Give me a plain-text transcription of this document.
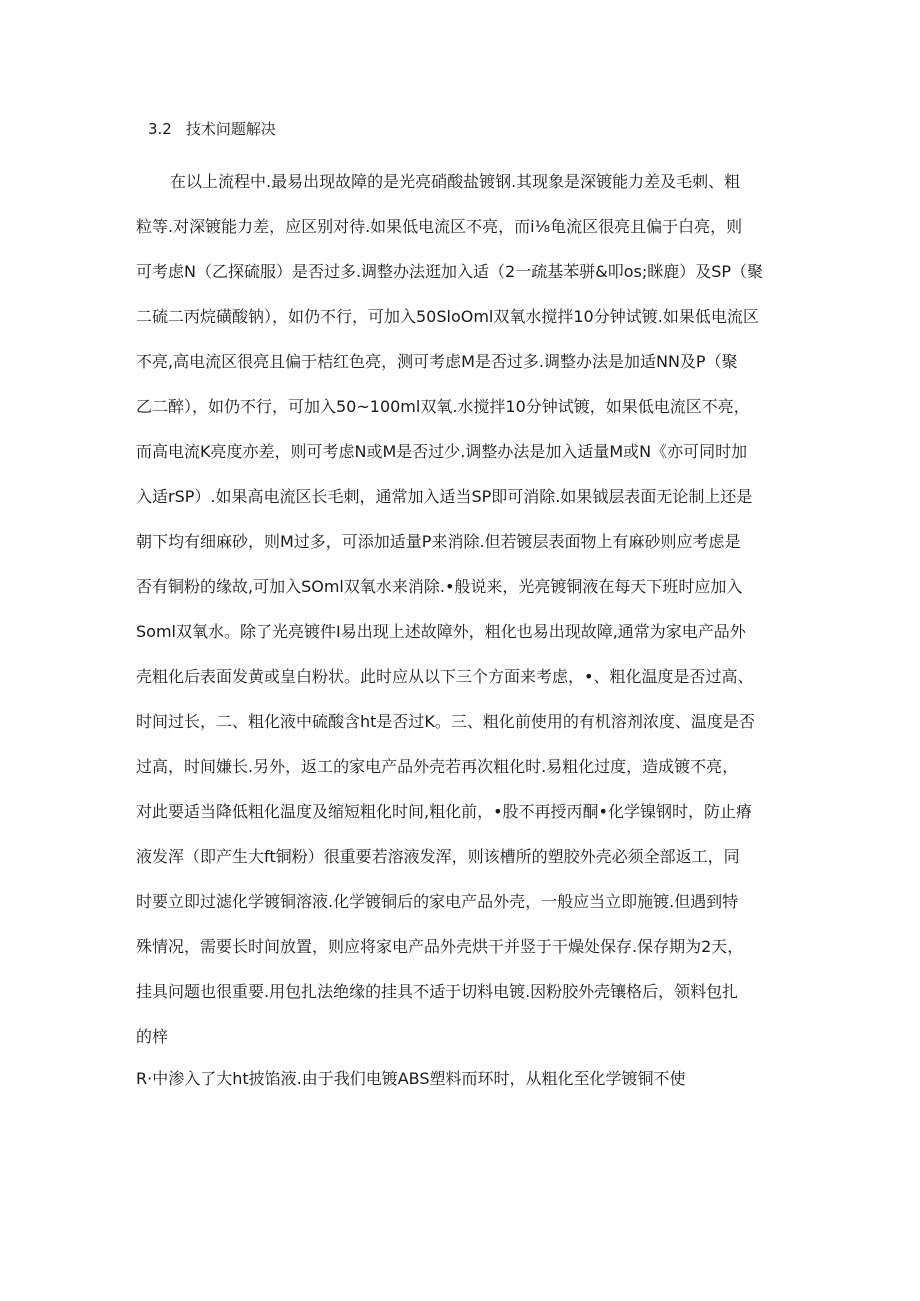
3.2 技术问题解决
在以上流程中.最易出现故障的是光亮硝酸盐镀钢.其现象是深镀能力差及毛刺、粗
粒等.对深镀能力差，应区别对待.如果低电流区不亮，而i⅛龟流区很亮且偏于白亮，则
可考虑N（乙探硫服）是否过多.调整办法逛加入适（2一疏基苯骈&叩os;眯鹿）及SP（聚
二硫二丙烷磺酸钠），如仍不行，可加入50SloOml双氧水搅拌10分钟试镀.如果低电流区
不亮,高电流区很亮且偏于桔红色亮，测可考虑M是否过多.调整办法是加适NN及P（聚
乙二醉），如仍不行，可加入50~100ml双氧.水搅拌10分钟试镀，如果低电流区不亮，
而高电流K亮度亦差，则可考虑N或M是否过少.调整办法是加入适量M或N《亦可同时加
入适rSP）.如果高电流区长毛刺，通常加入适当SP即可消除.如果钺层表面无论制上还是
朝下均有细麻砂，则M过多，可添加适量P来消除.但若镀层表面物上有麻砂则应考虑是
否有铜粉的缘故,可加入SOml双氧水来消除.•般说来，光亮镀铜液在每天下班时应加入
Soml双氧水。除了光亮镀件I易出现上述故障外，粗化也易出现故障,通常为家电产品外
壳粗化后表面发黄或皇白粉状。此时应从以下三个方面来考虑，•、粗化温度是否过高、
时间过长，二、粗化液中硫酸含ht是否过K。三、粗化前使用的有机溶剂浓度、温度是否
过高，时间嫌长.另外，返工的家电产品外壳若再次粗化时.易粗化过度，造成镀不亮，
对此要适当降低粗化温度及缩短粗化时间,粗化前，•股不再授丙酮•化学镍钢时，防止瘠
液发浑（即产生大ft铜粉）很重要若溶液发浑，则该槽所的塑胶外壳必须全部返工，同
时要立即过滤化学镀铜溶液.化学镀铜后的家电产品外壳，一般应当立即施镀.但遇到特
殊情况，需要长时间放置，则应将家电产品外壳烘干并竖于干燥处保存.保存期为2天，
挂具问题也很重要.用包扎法绝缘的挂具不适于切料电镀.因粉胶外壳镶格后，领料包扎
的梓
R·中渗入了大ht披馅液.由于我们电镀ABS塑料而环时，从粗化至化学镀铜不使
